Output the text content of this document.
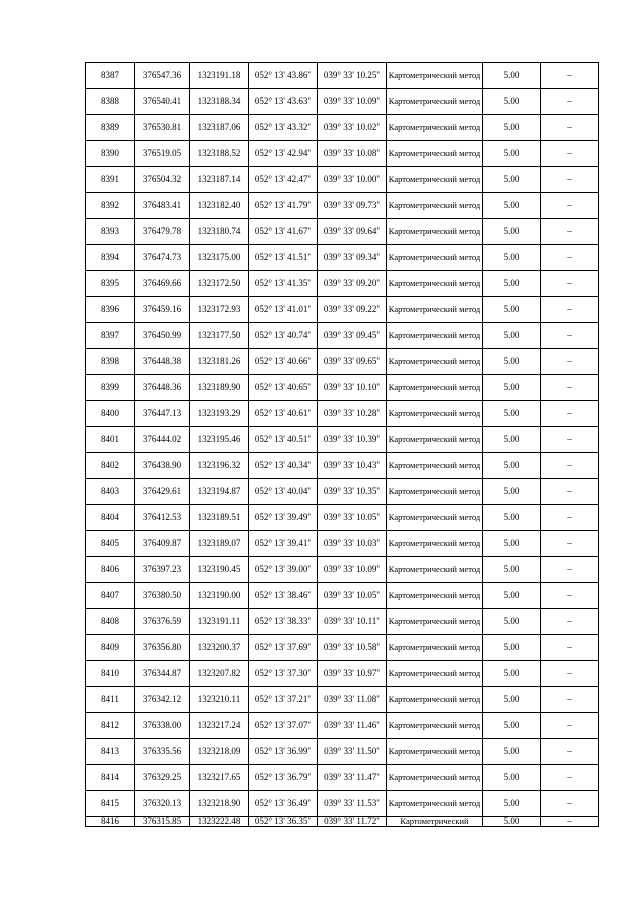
8387	376547.36	1323191.18	052° 13' 43.86"	039° 33' 10.25"	Картометрический метод	5.00	–
8388	376540.41	1323188.34	052° 13' 43.63"	039° 33' 10.09"	Картометрический метод	5.00	–
8389	376530.81	1323187.06	052° 13' 43.32"	039° 33' 10.02"	Картометрический метод	5.00	–
8390	376519.05	1323188.52	052° 13' 42.94"	039° 33' 10.08"	Картометрический метод	5.00	–
8391	376504.32	1323187.14	052° 13' 42.47"	039° 33' 10.00"	Картометрический метод	5.00	–
8392	376483.41	1323182.40	052° 13' 41.79"	039° 33' 09.73"	Картометрический метод	5.00	–
8393	376479.78	1323180.74	052° 13' 41.67"	039° 33' 09.64"	Картометрический метод	5.00	–
8394	376474.73	1323175.00	052° 13' 41.51"	039° 33' 09.34"	Картометрический метод	5.00	–
8395	376469.66	1323172.50	052° 13' 41.35"	039° 33' 09.20"	Картометрический метод	5.00	–
8396	376459.16	1323172.93	052° 13' 41.01"	039° 33' 09.22"	Картометрический метод	5.00	–
8397	376450.99	1323177.50	052° 13' 40.74"	039° 33' 09.45"	Картометрический метод	5.00	–
8398	376448.38	1323181.26	052° 13' 40.66"	039° 33' 09.65"	Картометрический метод	5.00	–
8399	376448.36	1323189.90	052° 13' 40.65"	039° 33' 10.10"	Картометрический метод	5.00	–
8400	376447.13	1323193.29	052° 13' 40.61"	039° 33' 10.28"	Картометрический метод	5.00	–
8401	376444.02	1323195.46	052° 13' 40.51"	039° 33' 10.39"	Картометрический метод	5.00	–
8402	376438.90	1323196.32	052° 13' 40.34"	039° 33' 10.43"	Картометрический метод	5.00	–
8403	376429.61	1323194.87	052° 13' 40.04"	039° 33' 10.35"	Картометрический метод	5.00	–
8404	376412.53	1323189.51	052° 13' 39.49"	039° 33' 10.05"	Картометрический метод	5.00	–
8405	376409.87	1323189.07	052° 13' 39.41"	039° 33' 10.03"	Картометрический метод	5.00	–
8406	376397.23	1323190.45	052° 13' 39.00"	039° 33' 10.09"	Картометрический метод	5.00	–
8407	376380.50	1323190.00	052° 13' 38.46"	039° 33' 10.05"	Картометрический метод	5.00	–
8408	376376.59	1323191.11	052° 13' 38.33"	039° 33' 10.11"	Картометрический метод	5.00	–
8409	376356.80	1323200.37	052° 13' 37.69"	039° 33' 10.58"	Картометрический метод	5.00	–
8410	376344.87	1323207.82	052° 13' 37.30"	039° 33' 10.97"	Картометрический метод	5.00	–
8411	376342.12	1323210.11	052° 13' 37.21"	039° 33' 11.08"	Картометрический метод	5.00	–
8412	376338.00	1323217.24	052° 13' 37.07"	039° 33' 11.46"	Картометрический метод	5.00	–
8413	376335.56	1323218.09	052° 13' 36.99"	039° 33' 11.50"	Картометрический метод	5.00	–
8414	376329.25	1323217.65	052° 13' 36.79"	039° 33' 11.47"	Картометрический метод	5.00	–
8415	376320.13	1323218.90	052° 13' 36.49"	039° 33' 11.53"	Картометрический метод	5.00	–
8416	376315.85	1323222.48	052° 13' 36.35"	039° 33' 11.72"	Картометрический	5.00	–
